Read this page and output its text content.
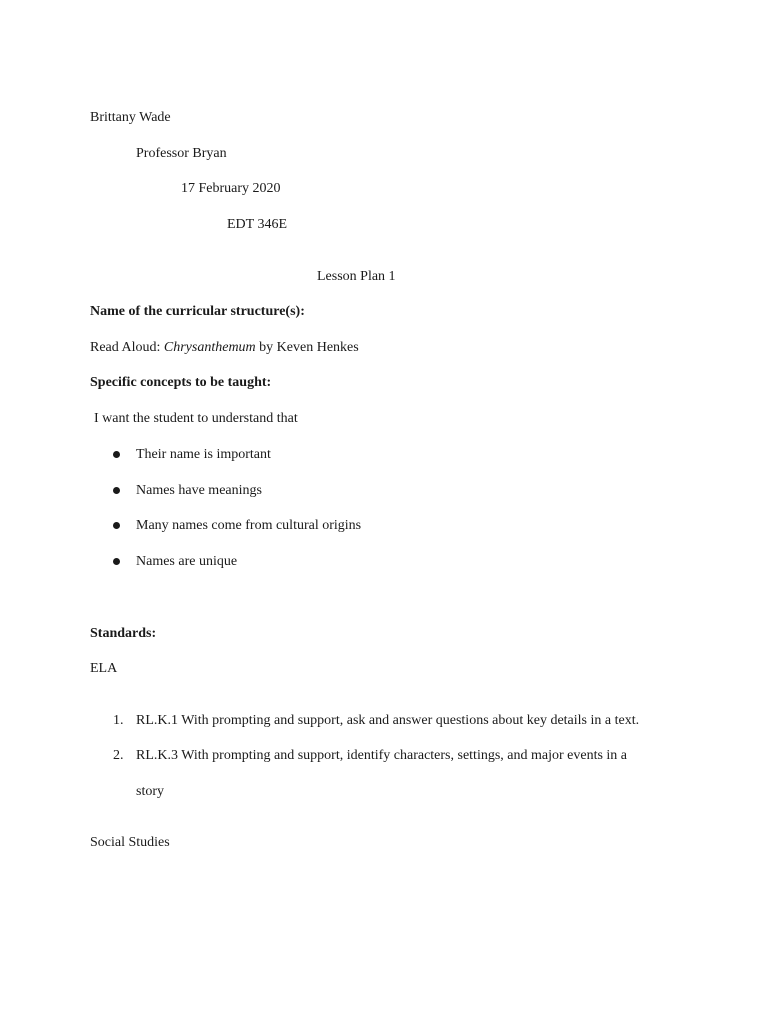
Brittany Wade
Professor Bryan
17 February 2020
EDT 346E
Lesson Plan 1
Name of the curricular structure(s):
Read Aloud: Chrysanthemum by Keven Henkes
Specific concepts to be taught:
I want the student to understand that
Their name is important
Names have meanings
Many names come from cultural origins
Names are unique
Standards:
ELA
1. RL.K.1 With prompting and support, ask and answer questions about key details in a text.
2. RL.K.3 With prompting and support, identify characters, settings, and major events in a
story
Social Studies
